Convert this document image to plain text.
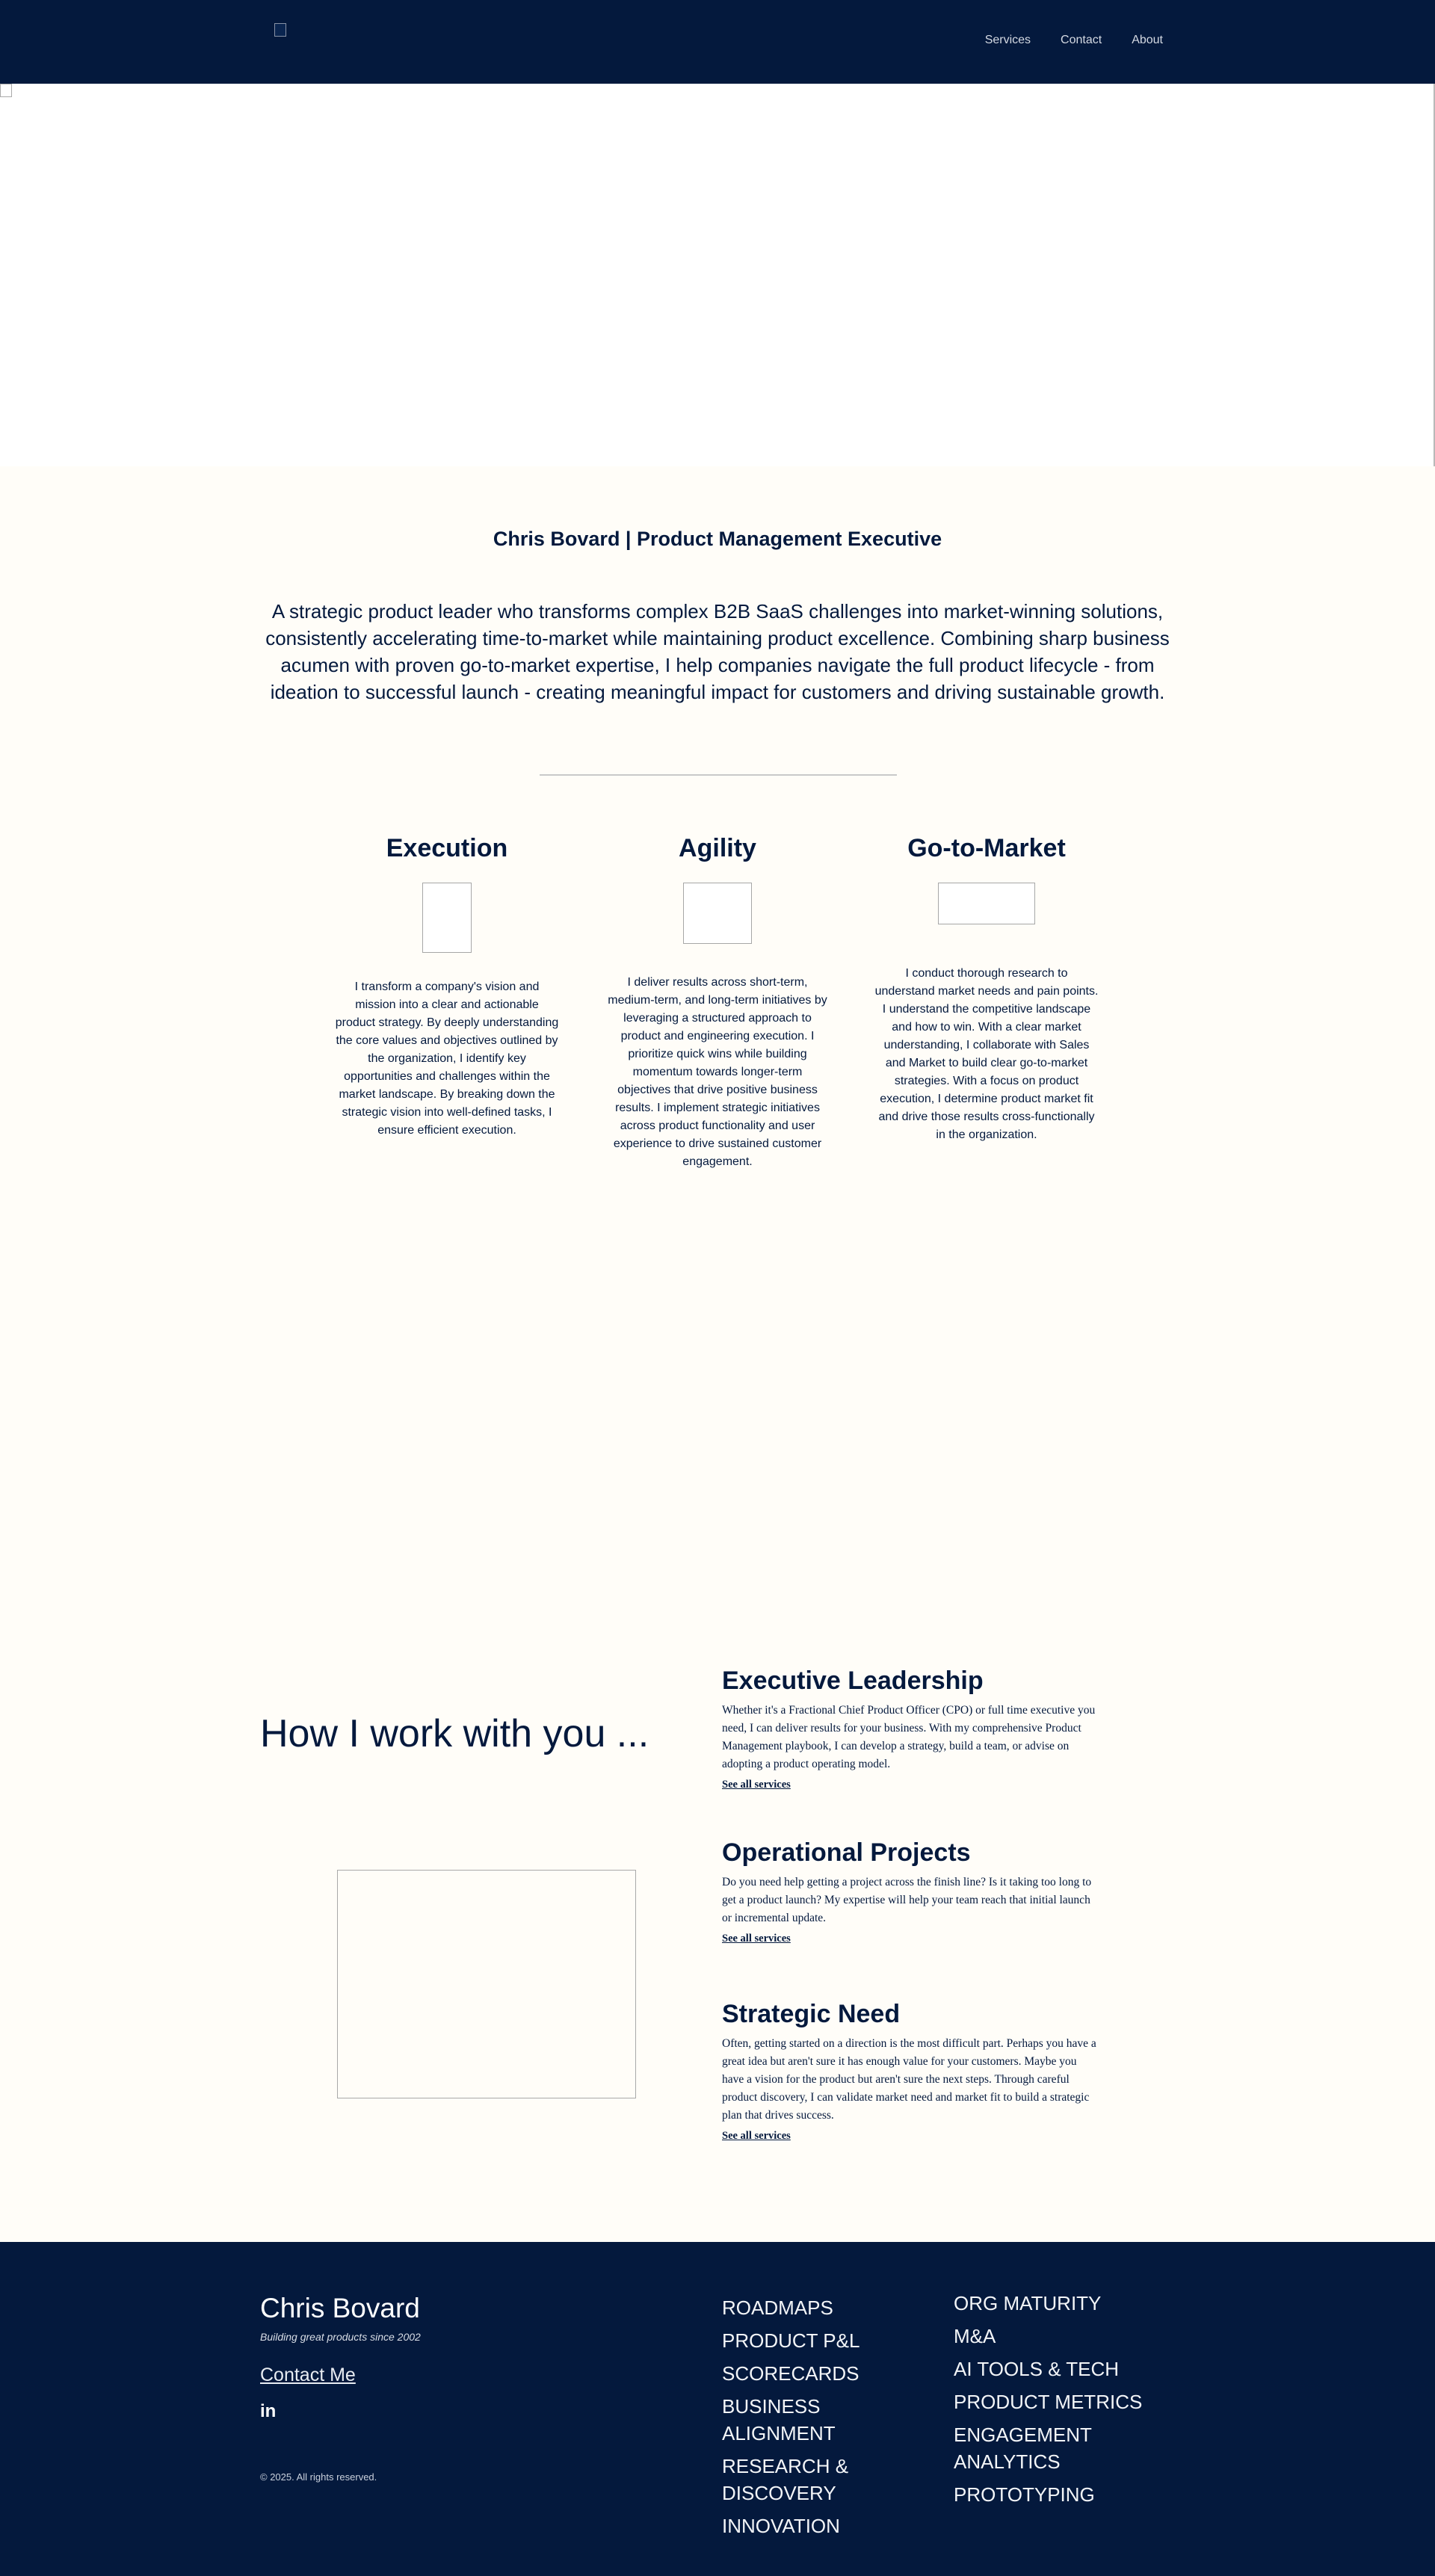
Services	Contact	About
Chris Bovard | Product Management Executive

A strategic product leader who transforms complex B2B SaaS challenges into market-winning solutions, consistently accelerating time-to-market while maintaining product excellence. Combining sharp business acumen with proven go-to-market expertise, I help companies navigate the full product lifecycle - from ideation to successful launch - creating meaningful impact for customers and driving sustainable growth.

Execution

I transform a company's vision and mission into a clear and actionable product strategy. By deeply understanding the core values and objectives outlined by the organization, I identify key opportunities and challenges within the market landscape. By breaking down the strategic vision into well-defined tasks, I ensure efficient execution.

Agility

I deliver results across short-term, medium-term, and long-term initiatives by leveraging a structured approach to product and engineering execution. I prioritize quick wins while building momentum towards longer-term objectives that drive positive business results. I implement strategic initiatives across product functionality and user experience to drive sustained customer engagement.

Go-to-Market

I conduct thorough research to understand market needs and pain points. I understand the competitive landscape and how to win. With a clear market understanding, I collaborate with Sales and Market to build clear go-to-market strategies. With a focus on product execution, I determine product market fit and drive those results cross-functionally in the organization.

How I work with you ...
Executive Leadership

Whether it's a Fractional Chief Product Officer (CPO) or full time executive you need, I can deliver results for your business. With my comprehensive Product Management playbook, I can develop a strategy, build a team, or advise on adopting a product operating model.

See all services
Operational Projects

Do you need help getting a project across the finish line? Is it taking too long to get a product launch? My expertise will help your team reach that initial launch or incremental update.

See all services
Strategic Need

Often, getting started on a direction is the most difficult part. Perhaps you have a great idea but aren't sure it has enough value for your customers. Maybe you have a vision for the product but aren't sure the next steps. Through careful product discovery, I can validate market need and market fit to build a strategic plan that drives success.

See all services
Chris Bovard
Building great products since 2002
Contact Me
in
© 2025. All rights reserved.
ROADMAPS
PRODUCT P&L
SCORECARDS
BUSINESS ALIGNMENT
RESEARCH & DISCOVERY
INNOVATION
ORG MATURITY
M&A
AI TOOLS & TECH
PRODUCT METRICS
ENGAGEMENT ANALYTICS
PROTOTYPING
